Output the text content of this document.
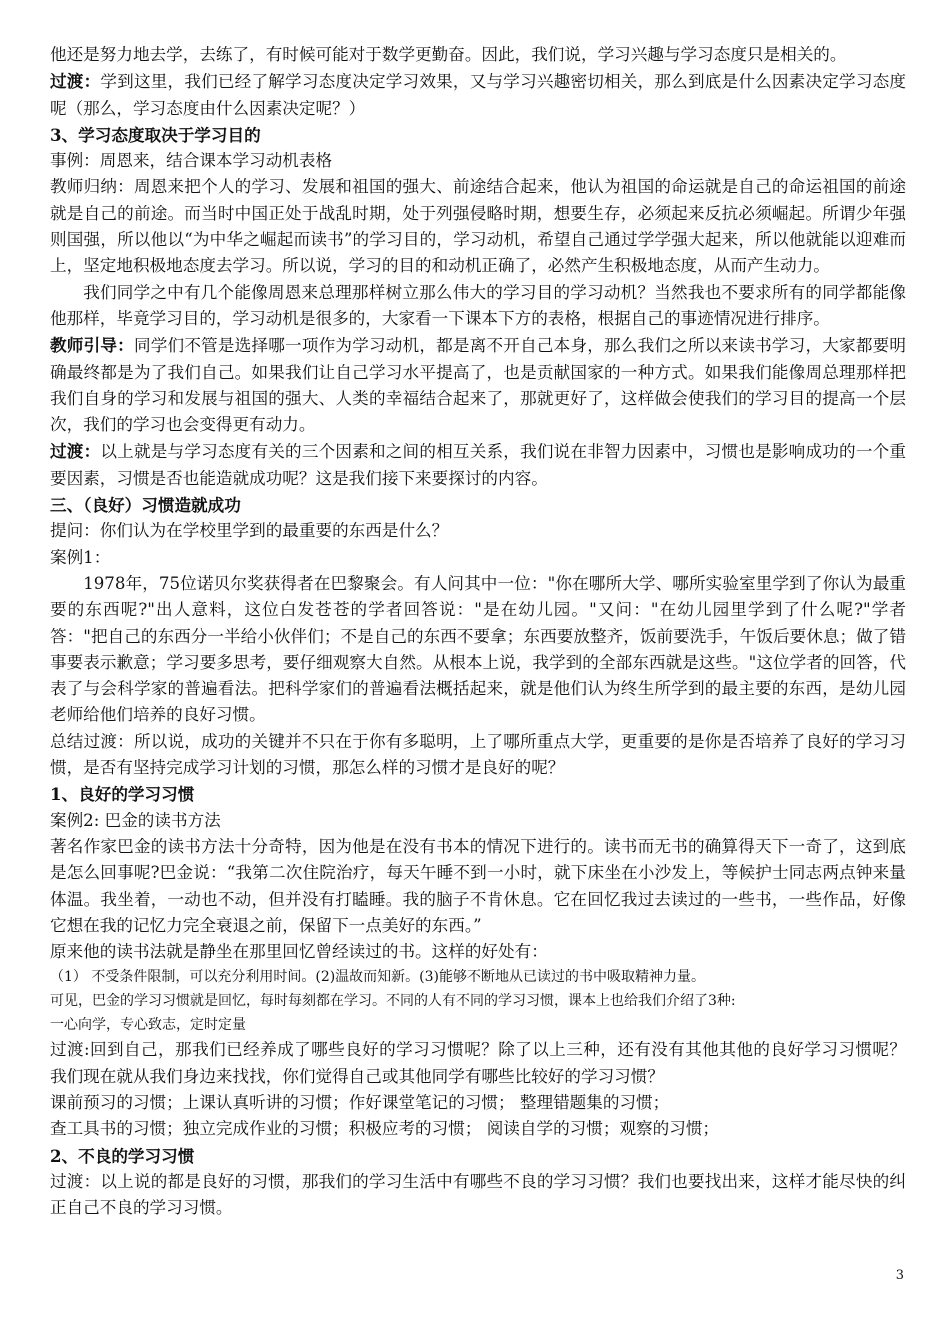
他还是努力地去学，去练了，有时候可能对于数学更勤奋。因此，我们说，学习兴趣与学习态度只是相关的。

过渡：学到这里，我们已经了解学习态度决定学习效果，又与学习兴趣密切相关，那么到底是什么因素决定学习态度呢（那么，学习态度由什么因素决定呢？）

3、学习态度取决于学习目的

事例：周恩来，结合课本学习动机表格

教师归纳：周恩来把个人的学习、发展和祖国的强大、前途结合起来，他认为祖国的命运就是自己的命运祖国的前途就是自己的前途。而当时中国正处于战乱时期，处于列强侵略时期，想要生存，必须起来反抗必须崛起。所谓少年强则国强，所以他以“为中华之崛起而读书”的学习目的，学习动机，希望自己通过学学强大起来，所以他就能以迎难而上，坚定地积极地态度去学习。所以说，学习的目的和动机正确了，必然产生积极地态度，从而产生动力。

我们同学之中有几个能像周恩来总理那样树立那么伟大的学习目的学习动机？当然我也不要求所有的同学都能像他那样，毕竟学习目的，学习动机是很多的，大家看一下课本下方的表格，根据自己的事迹情况进行排序。

教师引导：同学们不管是选择哪一项作为学习动机，都是离不开自己本身，那么我们之所以来读书学习，大家都要明确最终都是为了我们自己。如果我们让自己学习水平提高了，也是贡献国家的一种方式。如果我们能像周总理那样把我们自身的学习和发展与祖国的强大、人类的幸福结合起来了，那就更好了，这样做会使我们的学习目的提高一个层次，我们的学习也会变得更有动力。

过渡：以上就是与学习态度有关的三个因素和之间的相互关系，我们说在非智力因素中，习惯也是影响成功的一个重要因素，习惯是否也能造就成功呢？这是我们接下来要探讨的内容。

三、（良好）习惯造就成功

提问：你们认为在学校里学到的最重要的东西是什么？

案例1：

1978年，75位诺贝尔奖获得者在巴黎聚会。有人问其中一位："你在哪所大学、哪所实验室里学到了你认为最重要的东西呢?"出人意料，这位白发苍苍的学者回答说："是在幼儿园。"又问："在幼儿园里学到了什么呢?"学者答："把自己的东西分一半给小伙伴们；不是自己的东西不要拿；东西要放整齐，饭前要洗手，午饭后要休息；做了错事要表示歉意；学习要多思考，要仔细观察大自然。从根本上说，我学到的全部东西就是这些。"这位学者的回答，代表了与会科学家的普遍看法。把科学家们的普遍看法概括起来，就是他们认为终生所学到的最主要的东西，是幼儿园老师给他们培养的良好习惯。

总结过渡：所以说，成功的关键并不只在于你有多聪明，上了哪所重点大学，更重要的是你是否培养了良好的学习习惯，是否有坚持完成学习计划的习惯，那怎么样的习惯才是良好的呢？

1、良好的学习习惯

案例2: 巴金的读书方法

著名作家巴金的读书方法十分奇特，因为他是在没有书本的情况下进行的。读书而无书的确算得天下一奇了，这到底是怎么回事呢?巴金说：“我第二次住院治疗，每天午睡不到一小时，就下床坐在小沙发上，等候护士同志两点钟来量体温。我坐着，一动也不动，但并没有打瞌睡。我的脑子不肯休息。它在回忆我过去读过的一些书，一些作品，好像它想在我的记忆力完全衰退之前，保留下一点美好的东西。”

原来他的读书法就是静坐在那里回忆曾经读过的书。这样的好处有：

（1） 不受条件限制，可以充分利用时间。(2)温故而知新。(3)能够不断地从已读过的书中吸取精神力量。

可见，巴金的学习习惯就是回忆，每时每刻都在学习。不同的人有不同的学习习惯，课本上也给我们介绍了3种:

一心向学，专心致志，定时定量

过渡:回到自己，那我们已经养成了哪些良好的学习习惯呢？除了以上三种，还有没有其他其他的良好学习习惯呢？ 我们现在就从我们身边来找找，你们觉得自己或其他同学有哪些比较好的学习习惯？

课前预习的习惯；上课认真听讲的习惯；作好课堂笔记的习惯； 整理错题集的习惯；

查工具书的习惯；独立完成作业的习惯；积极应考的习惯； 阅读自学的习惯；观察的习惯；

2、不良的学习习惯

过渡：以上说的都是良好的习惯，那我们的学习生活中有哪些不良的学习习惯？我们也要找出来，这样才能尽快的纠正自己不良的学习习惯。

3
